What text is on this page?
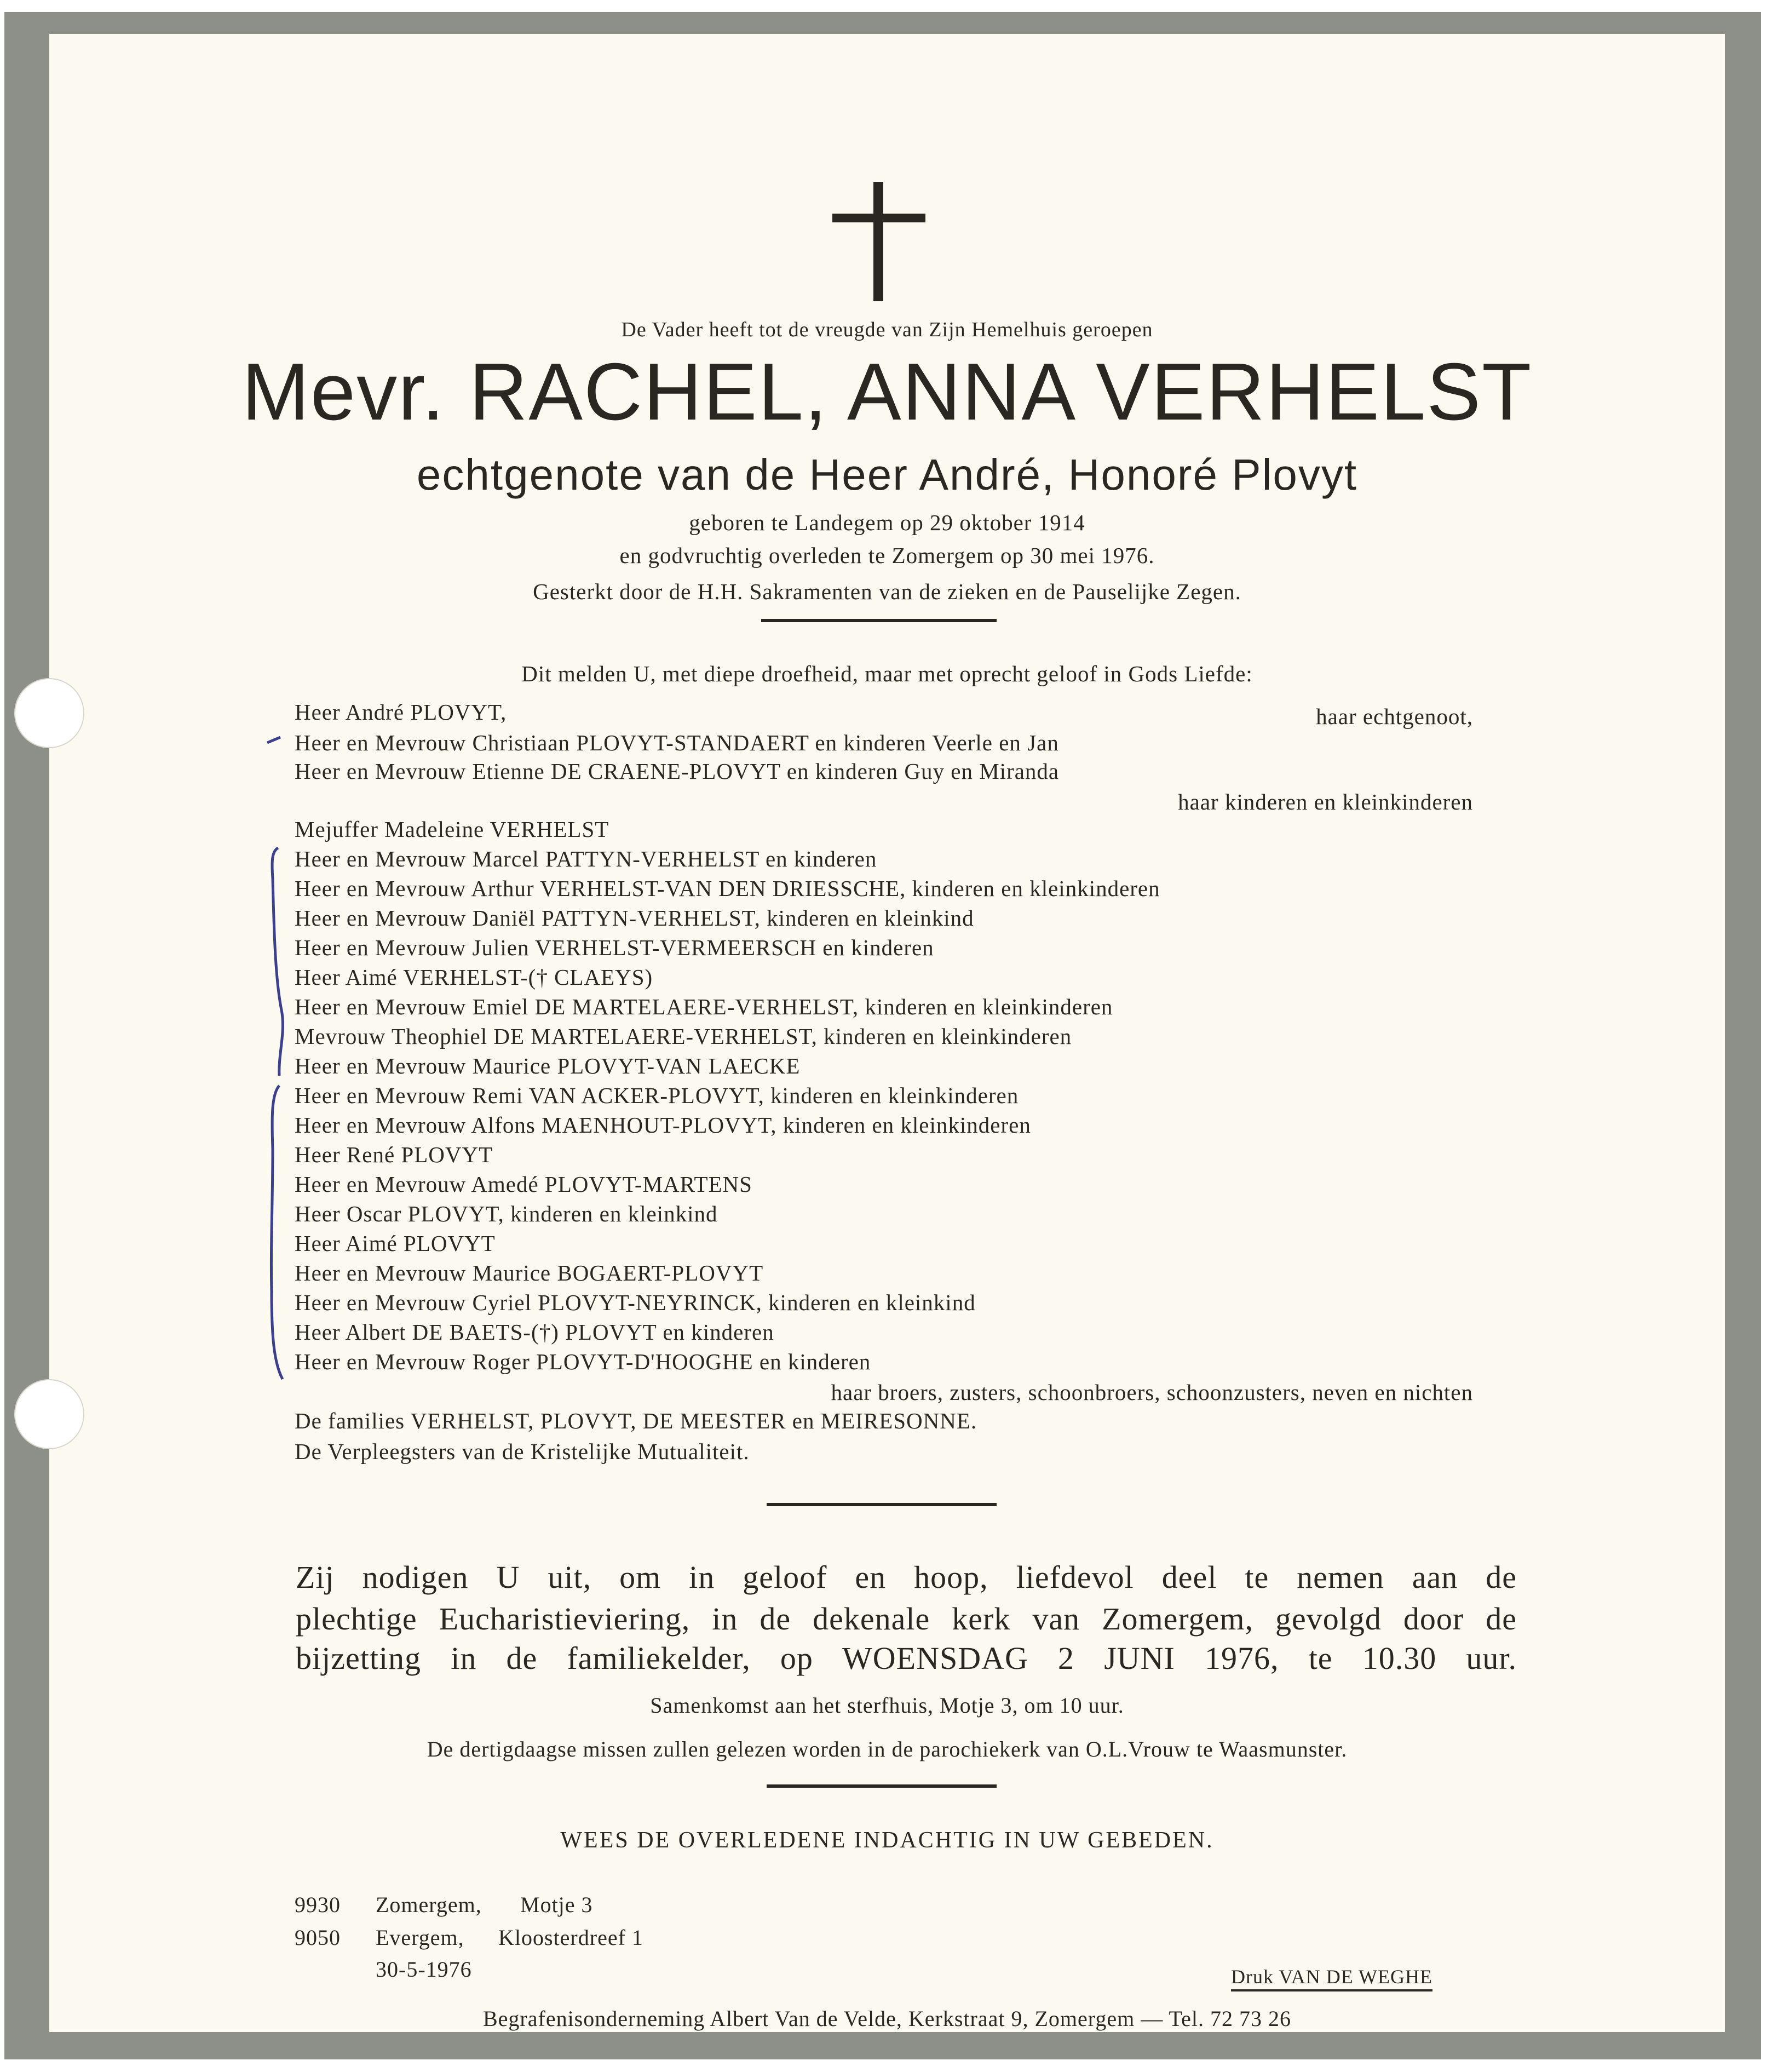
De Vader heeft tot de vreugde van Zijn Hemelhuis geroepen
Mevr. RACHEL, ANNA VERHELST
echtgenote van de Heer André, Honoré Plovyt
geboren te Landegem op 29 oktober 1914
en godvruchtig overleden te Zomergem op 30 mei 1976.
Gesterkt door de H.H. Sakramenten van de zieken en de Pauselijke Zegen.
Dit melden U, met diepe droefheid, maar met oprecht geloof in Gods Liefde:
Heer André PLOVYT,	haar echtgenoot,
Heer en Mevrouw Christiaan PLOVYT-STANDAERT en kinderen Veerle en Jan
Heer en Mevrouw Etienne DE CRAENE-PLOVYT en kinderen Guy en Miranda
haar kinderen en kleinkinderen
Mejuffer Madeleine VERHELST
Heer en Mevrouw Marcel PATTYN-VERHELST en kinderen
Heer en Mevrouw Arthur VERHELST-VAN DEN DRIESSCHE, kinderen en kleinkinderen
Heer en Mevrouw Daniël PATTYN-VERHELST, kinderen en kleinkind
Heer en Mevrouw Julien VERHELST-VERMEERSCH en kinderen
Heer Aimé VERHELST-(† CLAEYS)
Heer en Mevrouw Emiel DE MARTELAERE-VERHELST, kinderen en kleinkinderen
Mevrouw Theophiel DE MARTELAERE-VERHELST, kinderen en kleinkinderen
Heer en Mevrouw Maurice PLOVYT-VAN LAECKE
Heer en Mevrouw Remi VAN ACKER-PLOVYT, kinderen en kleinkinderen
Heer en Mevrouw Alfons MAENHOUT-PLOVYT, kinderen en kleinkinderen
Heer René PLOVYT
Heer en Mevrouw Amedé PLOVYT-MARTENS
Heer Oscar PLOVYT, kinderen en kleinkind
Heer Aimé PLOVYT
Heer en Mevrouw Maurice BOGAERT-PLOVYT
Heer en Mevrouw Cyriel PLOVYT-NEYRINCK, kinderen en kleinkind
Heer Albert DE BAETS-(†) PLOVYT en kinderen
Heer en Mevrouw Roger PLOVYT-D'HOOGHE en kinderen
haar broers, zusters, schoonbroers, schoonzusters, neven en nichten
De families VERHELST, PLOVYT, DE MEESTER en MEIRESONNE.
De Verpleegsters van de Kristelijke Mutualiteit.
Zij nodigen U uit, om in geloof en hoop, liefdevol deel te nemen aan de
plechtige Eucharistieviering, in de dekenale kerk van Zomergem, gevolgd door de
bijzetting in de familiekelder, op WOENSDAG 2 JUNI 1976, te 10.30 uur.
Samenkomst aan het sterfhuis, Motje 3, om 10 uur.
De dertigdaagse missen zullen gelezen worden in de parochiekerk van O.L.Vrouw te Waasmunster.
WEES DE OVERLEDENE INDACHTIG IN UW GEBEDEN.
9930 Zomergem, Motje 3
9050 Evergem, Kloosterdreef 1
30-5-1976	Druk VAN DE WEGHE
Begrafenisonderneming Albert Van de Velde, Kerkstraat 9, Zomergem — Tel. 72 73 26
